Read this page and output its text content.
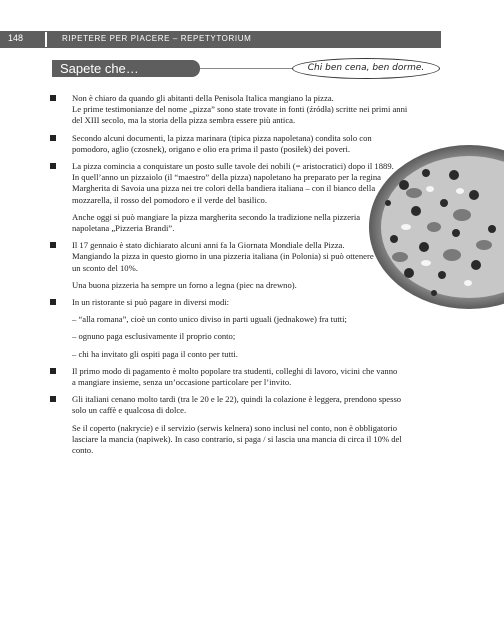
148	RIPETERE PER PIACERE – REPETYTORIUM
Sapete che…	Chi ben cena, ben dorme.
Non è chiaro da quando gli abitanti della Penisola Italica mangiano la pizza.
Le prime testimonianze del nome „pizza” sono state trovate in fonti (źródła) scritte nei primi anni
del XIII secolo, ma la storia della pizza sembra essere più antica.
Secondo alcuni documenti, la pizza marinara (tipica pizza napoletana) condita solo con
pomodoro, aglio (czosnek), origano e olio era prima il pasto (posiłek) dei poveri.
La pizza comincia a conquistare un posto sulle tavole dei nobili (= aristocratici) dopo il 1889.
In quell’anno un pizzaiolo (il “maestro” della pizza) napoletano ha preparato per la regina
Margherita di Savoia una pizza nei tre colori della bandiera italiana – con il bianco della
mozzarella, il rosso del pomodoro e il verde del basilico.
Anche oggi si può mangiare la pizza margherita secondo la tradizione nella pizzeria
napoletana „Pizzeria Brandi”.
Il 17 gennaio è stato dichiarato alcuni anni fa la Giornata Mondiale della Pizza.
Mangiando la pizza in questo giorno in una pizzeria italiana (in Polonia) si può ottenere
un sconto del 10%.
Una buona pizzeria ha sempre un forno a legna (piec na drewno).
In un ristorante si può pagare in diversi modi:
– “alla romana”, cioè un conto unico diviso in parti uguali (jednakowe) fra tutti;
– ognuno paga esclusivamente il proprio conto;
– chi ha invitato gli ospiti paga il conto per tutti.
Il primo modo di pagamento è molto popolare tra studenti, colleghi di lavoro, vicini che vanno
a mangiare insieme, senza un’occasione particolare per l’invito.
Gli italiani cenano molto tardi (tra le 20 e le 22), quindi la colazione è leggera, prendono spesso
solo un caffè e qualcosa di dolce.
Se il coperto (nakrycie) e il servizio (serwis kelnera) sono inclusi nel conto, non è obbligatorio
lasciare la mancia (napiwek). In caso contrario, si paga / si lascia una mancia di circa il 10% del
conto.
